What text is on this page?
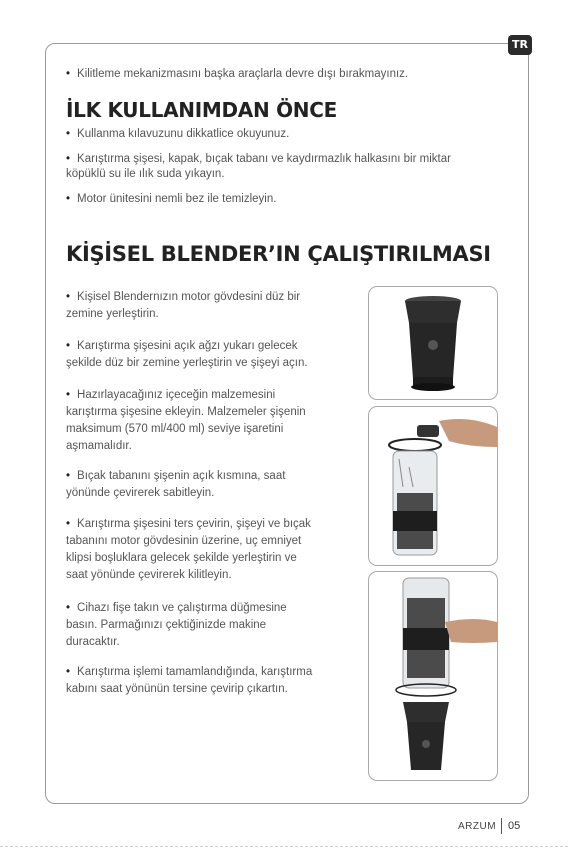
TR
• Kilitleme mekanizmasını başka araçlarla devre dışı bırakmayınız.
İLK KULLANIMDAN ÖNCE
• Kullanma kılavuzunu dikkatlice okuyunuz.
• Karıştırma şişesi, kapak, bıçak tabanı ve kaydırmazlık halkasını bir miktar
köpüklü su ile ılık suda yıkayın.
• Motor ünitesini nemli bez ile temizleyin.
KİŞİSEL BLENDER’IN ÇALIŞTIRILMASI
• Kişisel Blendernızın motor gövdesini düz bir
zemine yerleştirin.
• Karıştırma şişesini açık ağzı yukarı gelecek
şekilde düz bir zemine yerleştirin ve şişeyi açın.
• Hazırlayacağınız içeceğin malzemesini
karıştırma şişesine ekleyin. Malzemeler şişenin
maksimum (570 ml/400 ml) seviye işaretini
aşmamalıdır.
• Bıçak tabanını şişenin açık kısmına, saat
yönünde çevirerek sabitleyin.
• Karıştırma şişesini ters çevirin, şişeyi ve bıçak
tabanını motor gövdesinin üzerine, uç emniyet
klipsi boşluklara gelecek şekilde yerleştirin ve
saat yönünde çevirerek kilitleyin.
• Cihazı fişe takın ve çalıştırma düğmesine
basın. Parmağınızı çektiğinizde makine
duracaktır.
• Karıştırma işlemi tamamlandığında, karıştırma
kabını saat yönünün tersine çevirip çıkartın.
ARZUM 05
